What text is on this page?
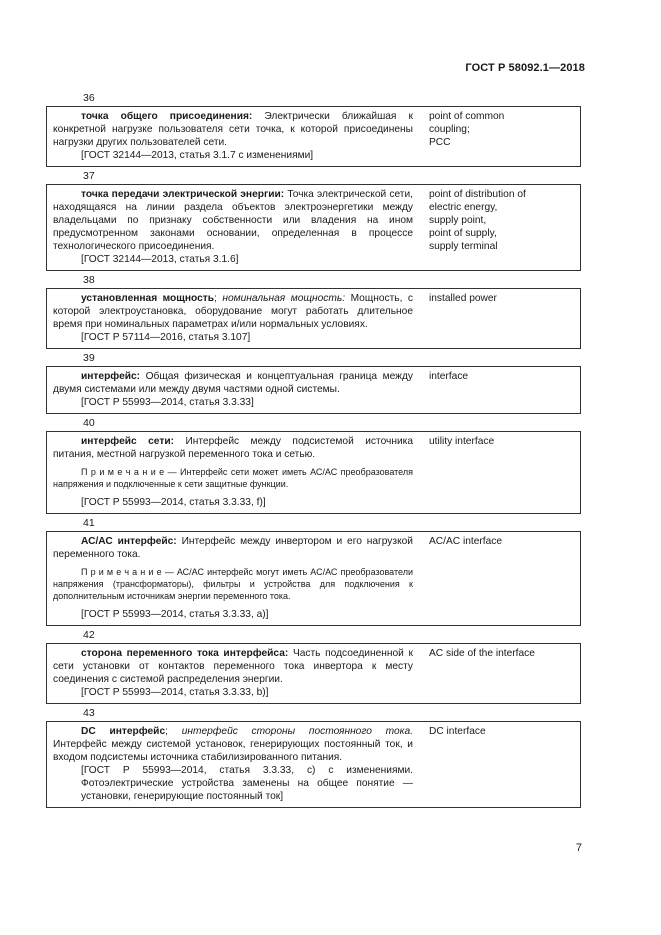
ГОСТ Р 58092.1—2018
36

точка общего присоединения: Электрически ближайшая к конкретной нагрузке пользователя сети точка, к которой присоединены нагрузки других пользователей сети.

[ГОСТ 32144—2013, статья 3.1.7 с изменениями]

point of common
coupling;
PCC
37

точка передачи электрической энергии: Точка электрической сети, находящаяся на линии раздела объектов электроэнергетики между владельцами по признаку собственности или владения на ином предусмотренном законами основании, определенная в процессе технологического присоединения.

[ГОСТ 32144—2013, статья 3.1.6]

point of distribution of
electric energy,
supply point,
point of supply,
supply terminal
38

установленная мощность; номинальная мощность: Мощность, с которой электроустановка, оборудование могут работать длительное время при номинальных параметрах и/или нормальных условиях.

[ГОСТ Р 57114—2016, статья 3.107]

installed power
39

интерфейс: Общая физическая и концептуальная граница между двумя системами или между двумя частями одной системы.

[ГОСТ Р 55993—2014, статья 3.3.33]

interface
40

интерфейс сети: Интерфейс между подсистемой источника питания, местной нагрузкой переменного тока и сетью.

П р и м е ч а н и е — Интерфейс сети может иметь АС/АС преобразователя напряжения и подключенные к сети защитные функции.

[ГОСТ Р 55993—2014, статья 3.3.33, f)]

utility interface
41

АС/АС интерфейс: Интерфейс между инвертором и его нагрузкой переменного тока.

П р и м е ч а н и е — АС/АС интерфейс могут иметь АС/АС преобразователи напряжения (трансформаторы), фильтры и устройства для подключения к дополнительным источникам энергии переменного тока.

[ГОСТ Р 55993—2014, статья 3.3.33, а)]

AC/AC interface
42

сторона переменного тока интерфейса: Часть подсоединенной к сети установки от контактов переменного тока инвертора к месту соединения с системой распределения энергии.

[ГОСТ Р 55993—2014, статья 3.3.33, b)]

AC side of the interface
43

DC интерфейс; интерфейс стороны постоянного тока. Интерфейс между системой установок, генерирующих постоянный ток, и входом подсистемы источника стабилизированного питания.

[ГОСТ Р 55993—2014, статья 3.3.33, с) с изменениями. Фотоэлектрические устройства заменены на общее понятие — установки, генерирующие постоянный ток]

DC interface
7
